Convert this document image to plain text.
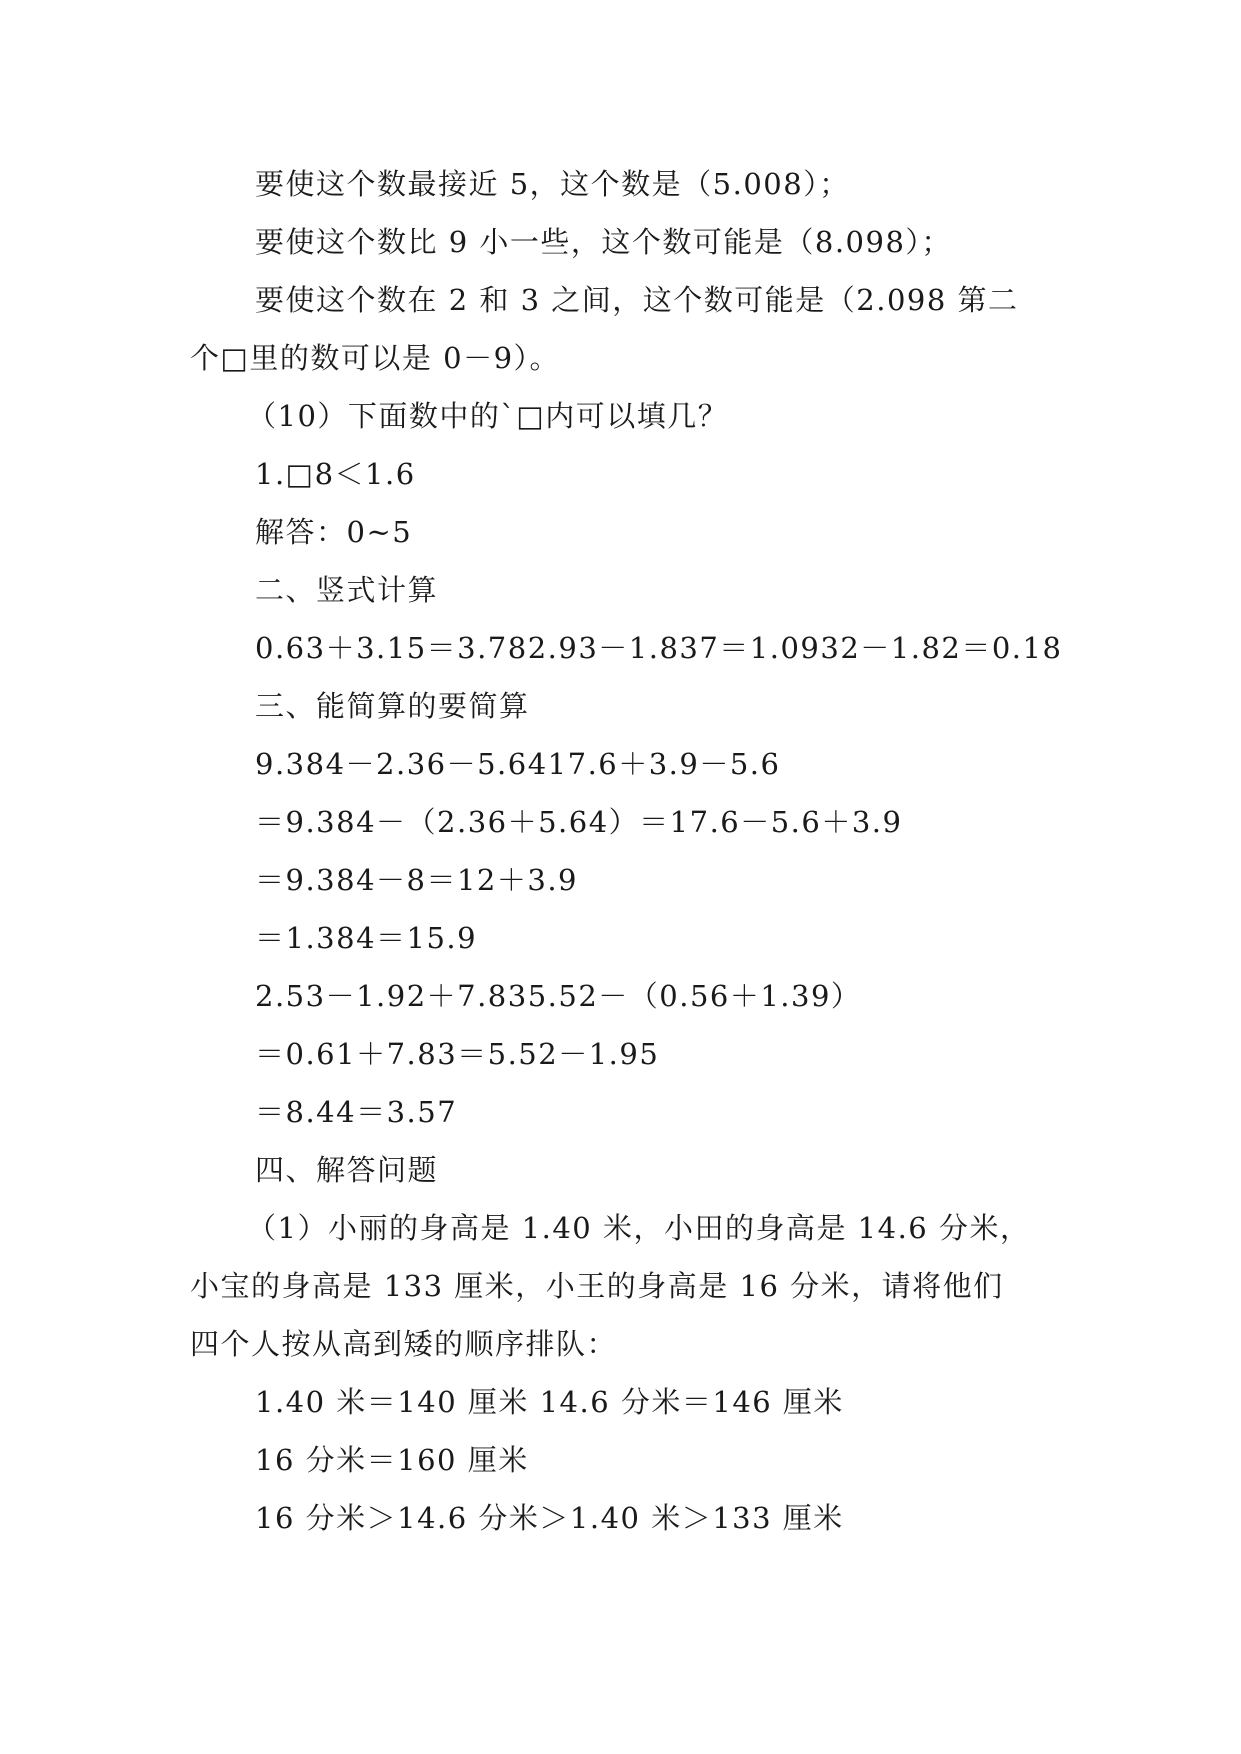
要使这个数最接近 5，这个数是（5.008）；
要使这个数比 9 小一些，这个数可能是（8.098）；
要使这个数在 2 和 3 之间，这个数可能是（2.098 第二
个□里的数可以是 0－9）。
（10）下面数中的`□内可以填几？
1.□8＜1.6
解答：0~5
二、竖式计算
0.63＋3.15＝3.782.93－1.837＝1.0932－1.82＝0.18
三、能简算的要简算
9.384－2.36－5.6417.6＋3.9－5.6
＝9.384－（2.36＋5.64）＝17.6－5.6＋3.9
＝9.384－8＝12＋3.9
＝1.384＝15.9
2.53－1.92＋7.835.52－（0.56＋1.39）
＝0.61＋7.83＝5.52－1.95
＝8.44＝3.57
四、解答问题
（1）小丽的身高是 1.40 米，小田的身高是 14.6 分米，
小宝的身高是 133 厘米，小王的身高是 16 分米，请将他们
四个人按从高到矮的顺序排队：
1.40 米＝140 厘米 14.6 分米＝146 厘米
16 分米＝160 厘米
16 分米＞14.6 分米＞1.40 米＞133 厘米
